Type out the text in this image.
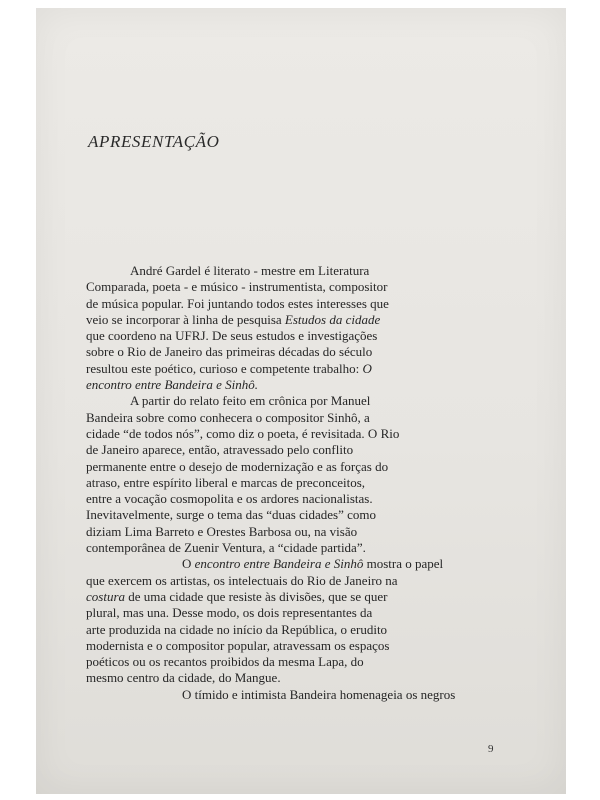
APRESENTAÇÃO
André Gardel é literato - mestre em Literatura
Comparada, poeta - e músico - instrumentista, compositor
de música popular. Foi juntando todos estes interesses que
veio se incorporar à linha de pesquisa Estudos da cidade
que coordeno na UFRJ. De seus estudos e investigações
sobre o Rio de Janeiro das primeiras décadas do século
resultou este poético, curioso e competente trabalho: O
encontro entre Bandeira e Sinhô.
A partir do relato feito em crônica por Manuel
Bandeira sobre como conhecera o compositor Sinhô, a
cidade “de todos nós”, como diz o poeta, é revisitada. O Rio
de Janeiro aparece, então, atravessado pelo conflito
permanente entre o desejo de modernização e as forças do
atraso, entre espírito liberal e marcas de preconceitos,
entre a vocação cosmopolita e os ardores nacionalistas.
Inevitavelmente, surge o tema das “duas cidades” como
diziam Lima Barreto e Orestes Barbosa ou, na visão
contemporânea de Zuenir Ventura, a “cidade partida”.
O encontro entre Bandeira e Sinhô mostra o papel
que exercem os artistas, os intelectuais do Rio de Janeiro na
costura de uma cidade que resiste às divisões, que se quer
plural, mas una. Desse modo, os dois representantes da
arte produzida na cidade no início da República, o erudito
modernista e o compositor popular, atravessam os espaços
poéticos ou os recantos proibidos da mesma Lapa, do
mesmo centro da cidade, do Mangue.
O tímido e intimista Bandeira homenageia os negros
9
